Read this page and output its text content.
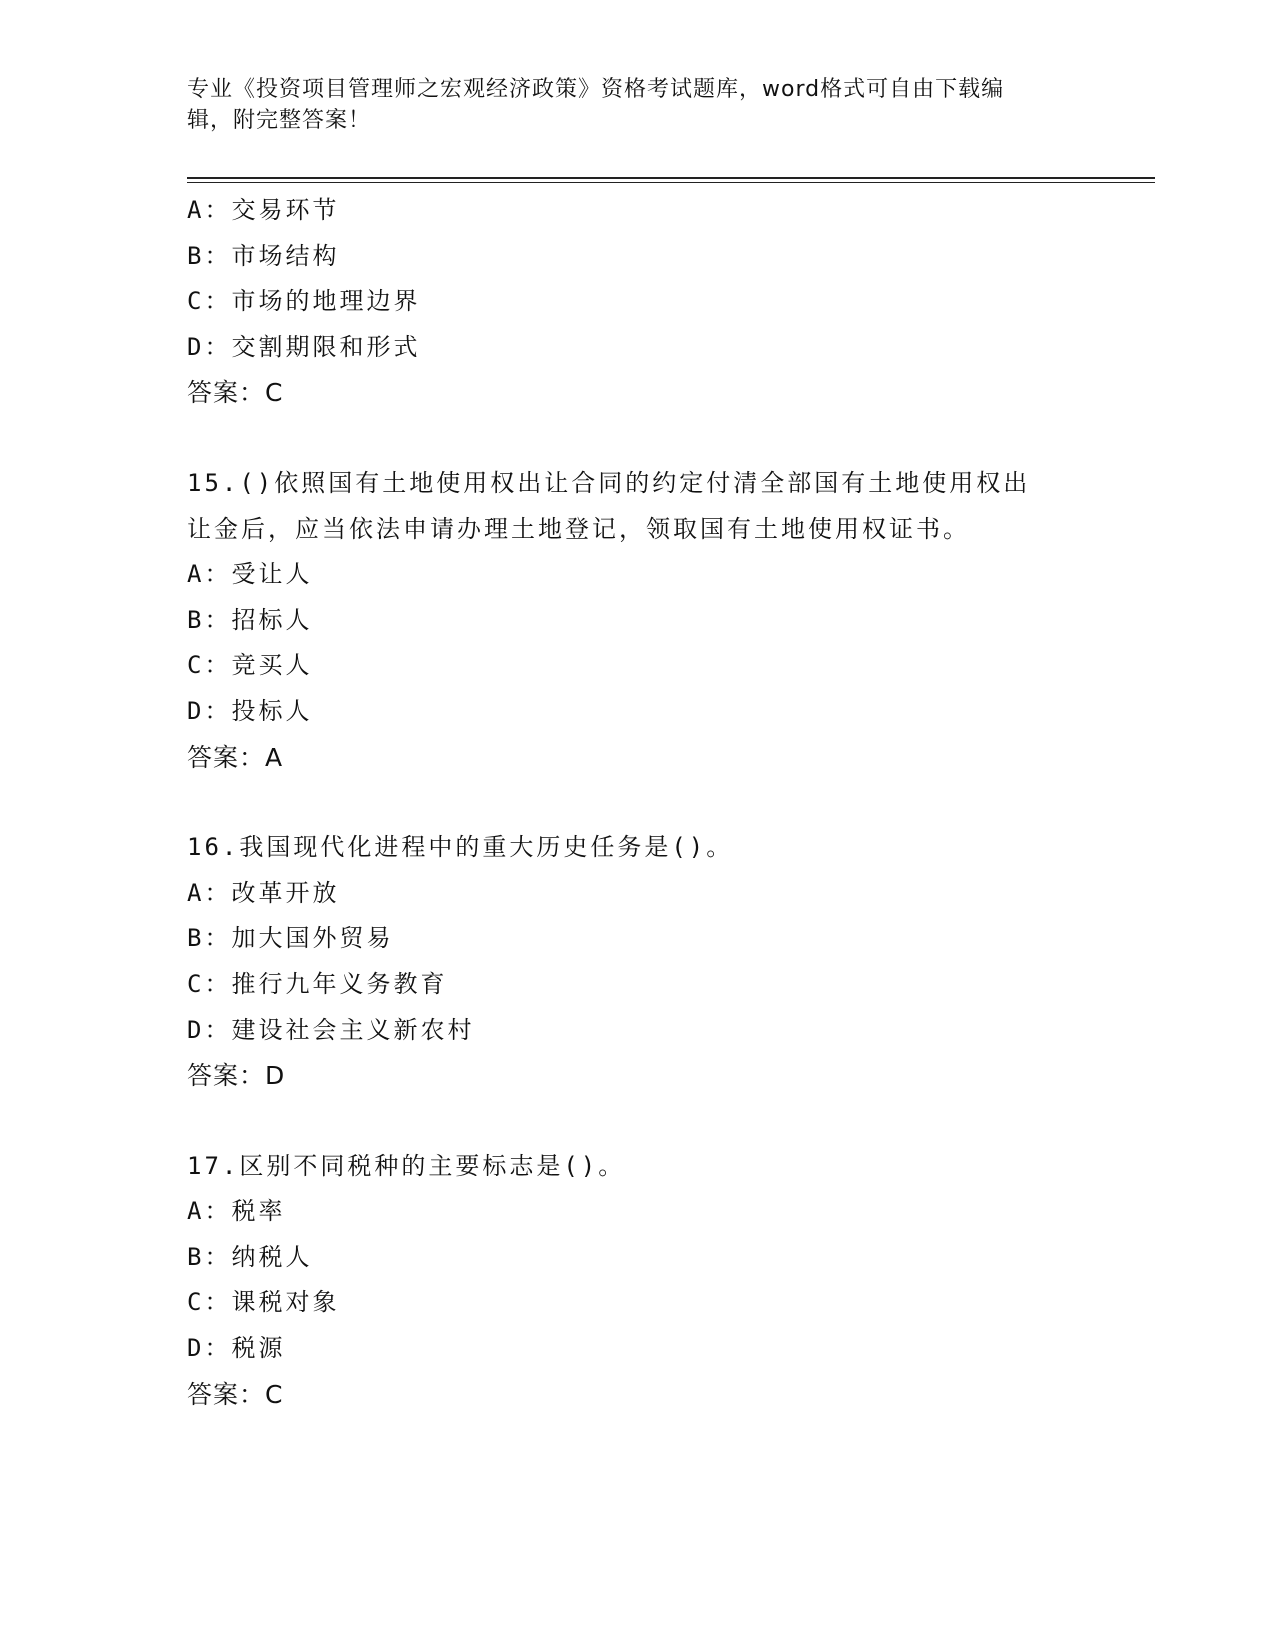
专业《投资项目管理师之宏观经济政策》资格考试题库，word格式可自由下载编
辑，附完整答案！
A：交易环节
B：市场结构
C：市场的地理边界
D：交割期限和形式
答案：C
15.()依照国有土地使用权出让合同的约定付清全部国有土地使用权出
让金后，应当依法申请办理土地登记，领取国有土地使用权证书。
A：受让人
B：招标人
C：竞买人
D：投标人
答案：A
16.我国现代化进程中的重大历史任务是()。
A：改革开放
B：加大国外贸易
C：推行九年义务教育
D：建设社会主义新农村
答案：D
17.区别不同税种的主要标志是()。
A：税率
B：纳税人
C：课税对象
D：税源
答案：C
